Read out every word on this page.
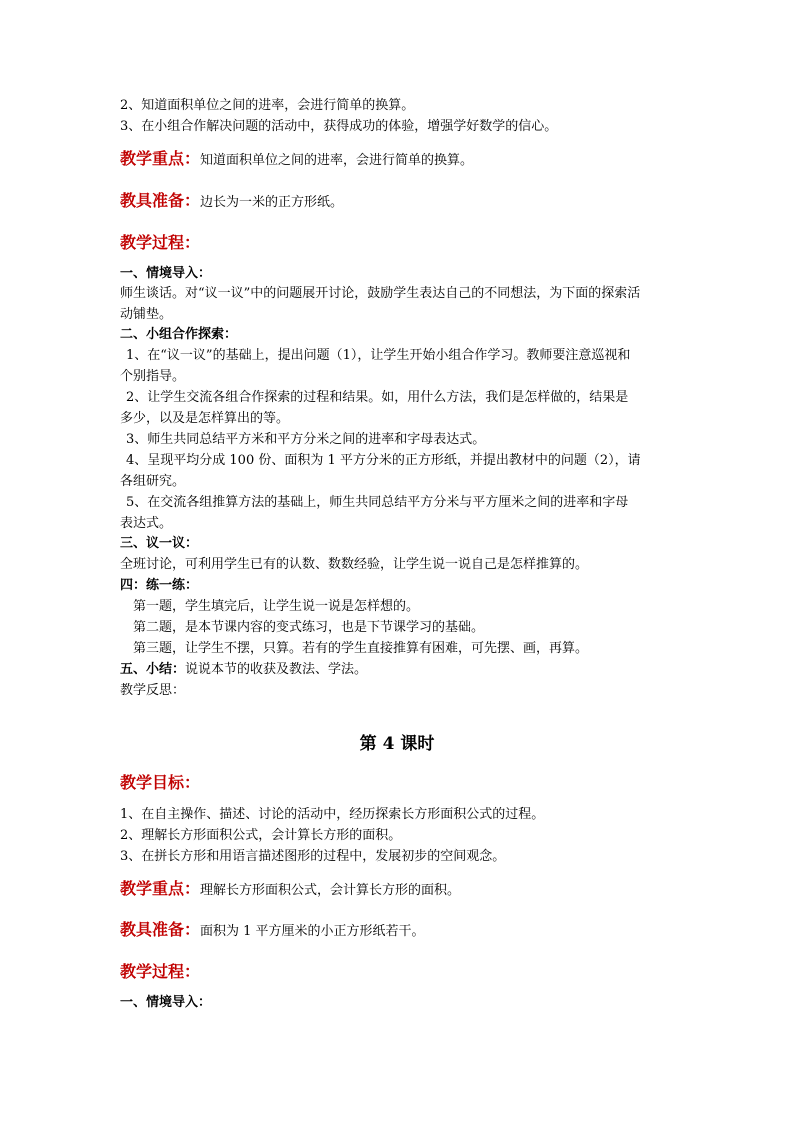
2、知道面积单位之间的进率，会进行简单的换算。
3、在小组合作解决问题的活动中，获得成功的体验，增强学好数学的信心。
教学重点：知道面积单位之间的进率，会进行简单的换算。
教具准备：边长为一米的正方形纸。
教学过程：
一、情境导入：
师生谈话。对“议一议”中的问题展开讨论，鼓励学生表达自己的不同想法，为下面的探索活
动铺垫。
二、小组合作探索：
1、在“议一议”的基础上，提出问题（1），让学生开始小组合作学习。教师要注意巡视和
个别指导。
2、让学生交流各组合作探索的过程和结果。如，用什么方法，我们是怎样做的，结果是
多少，以及是怎样算出的等。
3、师生共同总结平方米和平方分米之间的进率和字母表达式。
4、呈现平均分成 100 份、面积为 1 平方分米的正方形纸，并提出教材中的问题（2），请
各组研究。
5、在交流各组推算方法的基础上，师生共同总结平方分米与平方厘米之间的进率和字母
表达式。
三、议一议：
全班讨论，可利用学生已有的认数、数数经验，让学生说一说自己是怎样推算的。
四：练一练：
第一题，学生填完后，让学生说一说是怎样想的。
第二题，是本节课内容的变式练习，也是下节课学习的基础。
第三题，让学生不摆，只算。若有的学生直接推算有困难，可先摆、画，再算。
五、小结：说说本节的收获及教法、学法。
教学反思：
第 4 课时
教学目标：
1、在自主操作、描述、讨论的活动中，经历探索长方形面积公式的过程。
2、理解长方形面积公式，会计算长方形的面积。
3、在拼长方形和用语言描述图形的过程中，发展初步的空间观念。
教学重点：理解长方形面积公式，会计算长方形的面积。
教具准备：面积为 1 平方厘米的小正方形纸若干。
教学过程：
一、情境导入：
